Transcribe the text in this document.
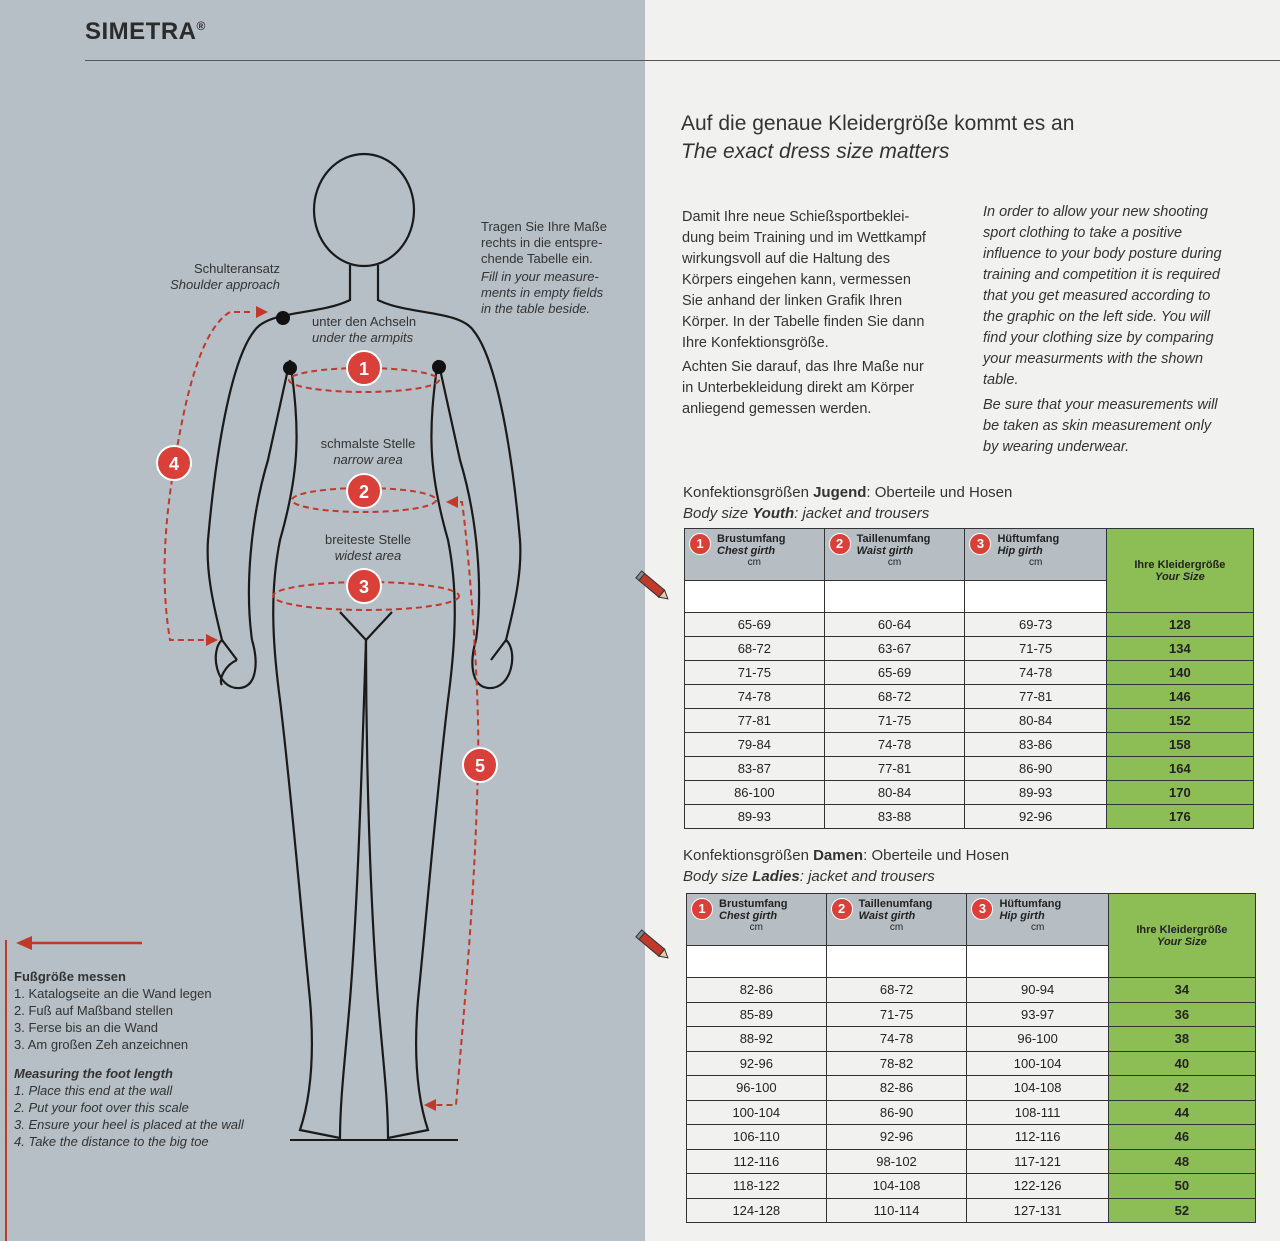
SIMETRA®
1
2
3
4
5
Schulteransatz
Shoulder approach
unter den Achseln
under the armpits
schmalste Stelle
narrow area
breiteste Stelle
widest area
Tragen Sie Ihre Maße
rechts in die entspre-
chende Tabelle ein.
Fill in your measure-
ments in empty fields
in the table beside.
Fußgröße messen
1. Katalogseite an die Wand legen
2. Fuß auf Maßband stellen
3. Ferse bis an die Wand
3. Am großen Zeh anzeichnen
Measuring the foot length
1. Place this end at the wall
2. Put your foot over this scale
3. Ensure your heel is placed at the wall
4. Take the distance to the big toe
Auf die genaue Kleidergröße kommt es an
The exact dress size matters
Damit Ihre neue Schießsportbeklei-
dung beim Training und im Wettkampf
wirkungsvoll auf die Haltung des
Körpers eingehen kann, vermessen
Sie anhand der linken Grafik Ihren
Körper. In der Tabelle finden Sie dann
Ihre Konfektionsgröße.
Achten Sie darauf, das Ihre Maße nur
in Unterbekleidung direkt am Körper
anliegend gemessen werden.
In order to allow your new shooting
sport clothing to take a positive
influence to your body posture during
training and competition it is required
that you get measured according to
the graphic on the left side. You will
find your clothing size by comparing
your measurments with the shown
table.
Be sure that your measurements will
be taken as skin measurement only
by wearing underwear.
Konfektionsgrößen Jugend: Oberteile und Hosen
Body size Youth: jacket and trousers
1 Brustumfang
Chest girth
cm	2 Taillenumfang
Waist girth
cm	3 Hüftumfang
Hip girth
cm	Ihre Kleidergröße
Your Size

65-69	60-64	69-73	128
68-72	63-67	71-75	134
71-75	65-69	74-78	140
74-78	68-72	77-81	146
77-81	71-75	80-84	152
79-84	74-78	83-86	158
83-87	77-81	86-90	164
86-100	80-84	89-93	170
89-93	83-88	92-96	176
Konfektionsgrößen Damen: Oberteile und Hosen
Body size Ladies: jacket and trousers
1 Brustumfang
Chest girth
cm	2 Taillenumfang
Waist girth
cm	3 Hüftumfang
Hip girth
cm	Ihre Kleidergröße
Your Size

82-86	68-72	90-94	34
85-89	71-75	93-97	36
88-92	74-78	96-100	38
92-96	78-82	100-104	40
96-100	82-86	104-108	42
100-104	86-90	108-111	44
106-110	92-96	112-116	46
112-116	98-102	117-121	48
118-122	104-108	122-126	50
124-128	110-114	127-131	52
